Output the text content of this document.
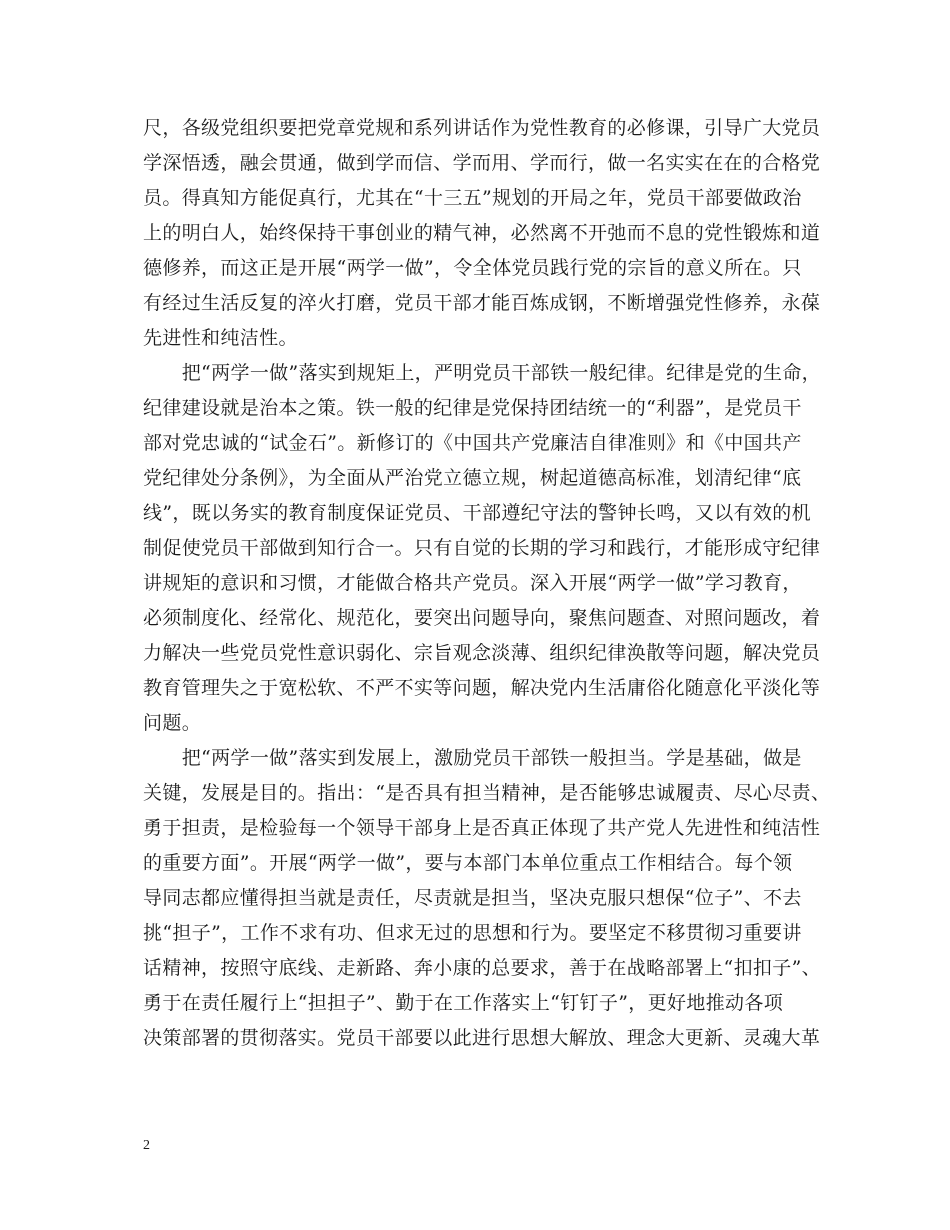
尺，各级党组织要把党章党规和系列讲话作为党性教育的必修课，引导广大党员
学深悟透，融会贯通，做到学而信、学而用、学而行，做一名实实在在的合格党
员。得真知方能促真行，尤其在“十三五”规划的开局之年，党员干部要做政治
上的明白人，始终保持干事创业的精气神，必然离不开弛而不息的党性锻炼和道
德修养，而这正是开展“两学一做”，令全体党员践行党的宗旨的意义所在。只
有经过生活反复的淬火打磨，党员干部才能百炼成钢，不断增强党性修养，永葆
先进性和纯洁性。
　　把“两学一做”落实到规矩上，严明党员干部铁一般纪律。纪律是党的生命，
纪律建设就是治本之策。铁一般的纪律是党保持团结统一的“利器”，是党员干
部对党忠诚的“试金石”。新修订的《中国共产党廉洁自律准则》和《中国共产
党纪律处分条例》，为全面从严治党立德立规，树起道德高标准，划清纪律“底
线”，既以务实的教育制度保证党员、干部遵纪守法的警钟长鸣，又以有效的机
制促使党员干部做到知行合一。只有自觉的长期的学习和践行，才能形成守纪律
讲规矩的意识和习惯，才能做合格共产党员。深入开展“两学一做”学习教育，
必须制度化、经常化、规范化，要突出问题导向，聚焦问题查、对照问题改，着
力解决一些党员党性意识弱化、宗旨观念淡薄、组织纪律涣散等问题，解决党员
教育管理失之于宽松软、不严不实等问题，解决党内生活庸俗化随意化平淡化等
问题。
　　把“两学一做”落实到发展上，激励党员干部铁一般担当。学是基础，做是
关键，发展是目的。指出：“是否具有担当精神，是否能够忠诚履责、尽心尽责、
勇于担责，是检验每一个领导干部身上是否真正体现了共产党人先进性和纯洁性
的重要方面”。开展“两学一做”，要与本部门本单位重点工作相结合。每个领
导同志都应懂得担当就是责任，尽责就是担当，坚决克服只想保“位子”、不去
挑“担子”，工作不求有功、但求无过的思想和行为。要坚定不移贯彻习重要讲
话精神，按照守底线、走新路、奔小康的总要求，善于在战略部署上“扣扣子”、
勇于在责任履行上“担担子”、勤于在工作落实上“钉钉子”，更好地推动各项
决策部署的贯彻落实。党员干部要以此进行思想大解放、理念大更新、灵魂大革
2
